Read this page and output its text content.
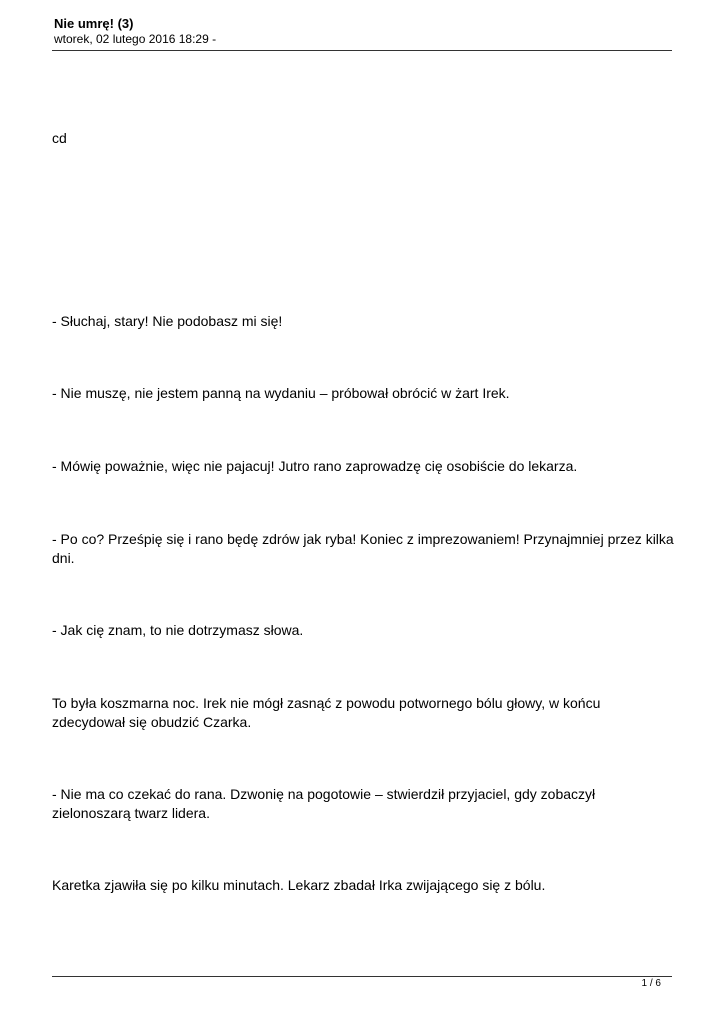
Nie umrę! (3)
wtorek, 02 lutego 2016 18:29 -
cd
- Słuchaj, stary! Nie podobasz mi się!
- Nie muszę, nie jestem panną na wydaniu – próbował obrócić w żart Irek.
- Mówię poważnie, więc nie pajacuj! Jutro rano zaprowadzę cię osobiście do lekarza.
- Po co? Prześpię się i rano będę zdrów jak ryba! Koniec z imprezowaniem! Przynajmniej przez kilka dni.
- Jak cię znam, to nie dotrzymasz słowa.
To była koszmarna noc. Irek nie mógł zasnąć z powodu potwornego bólu głowy, w końcu zdecydował się obudzić Czarka.
- Nie ma co czekać do rana. Dzwonię na pogotowie – stwierdził przyjaciel, gdy zobaczył zielonoszarą twarz lidera.
Karetka zjawiła się po kilku minutach. Lekarz zbadał Irka zwijającego się z bólu.
1 / 6
